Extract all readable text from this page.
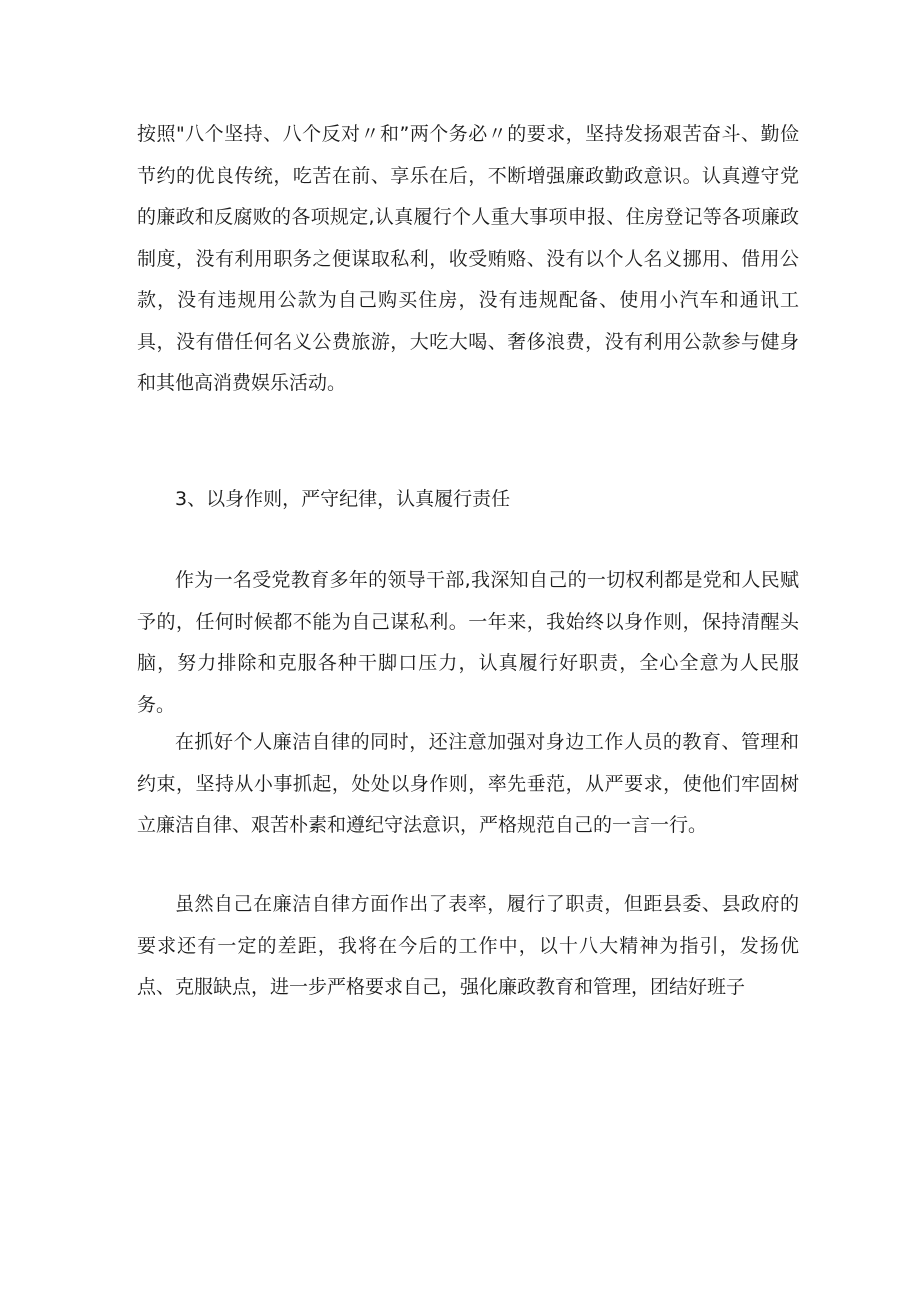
按照"八个坚持、八个反对〃和”两个务必〃的要求，坚持发扬艰苦奋斗、勤俭节约的优良传统，吃苦在前、享乐在后，不断增强廉政勤政意识。认真遵守党的廉政和反腐败的各项规定,认真履行个人重大事项申报、住房登记等各项廉政制度，没有利用职务之便谋取私利，收受贿赂、没有以个人名义挪用、借用公款，没有违规用公款为自己购买住房，没有违规配备、使用小汽车和通讯工具，没有借任何名义公费旅游，大吃大喝、奢侈浪费，没有利用公款参与健身和其他高消费娱乐活动。

3、以身作则，严守纪律，认真履行责任

作为一名受党教育多年的领导干部,我深知自己的一切权利都是党和人民赋予的，任何时候都不能为自己谋私利。一年来，我始终以身作则，保持清醒头脑，努力排除和克服各种干脚口压力，认真履行好职责，全心全意为人民服务。

在抓好个人廉洁自律的同时，还注意加强对身边工作人员的教育、管理和约束，坚持从小事抓起，处处以身作则，率先垂范，从严要求，使他们牢固树立廉洁自律、艰苦朴素和遵纪守法意识，严格规范自己的一言一行。

虽然自己在廉洁自律方面作出了表率，履行了职责，但距县委、县政府的要求还有一定的差距，我将在今后的工作中，以十八大精神为指引，发扬优点、克服缺点，进一步严格要求自己，强化廉政教育和管理，团结好班子
